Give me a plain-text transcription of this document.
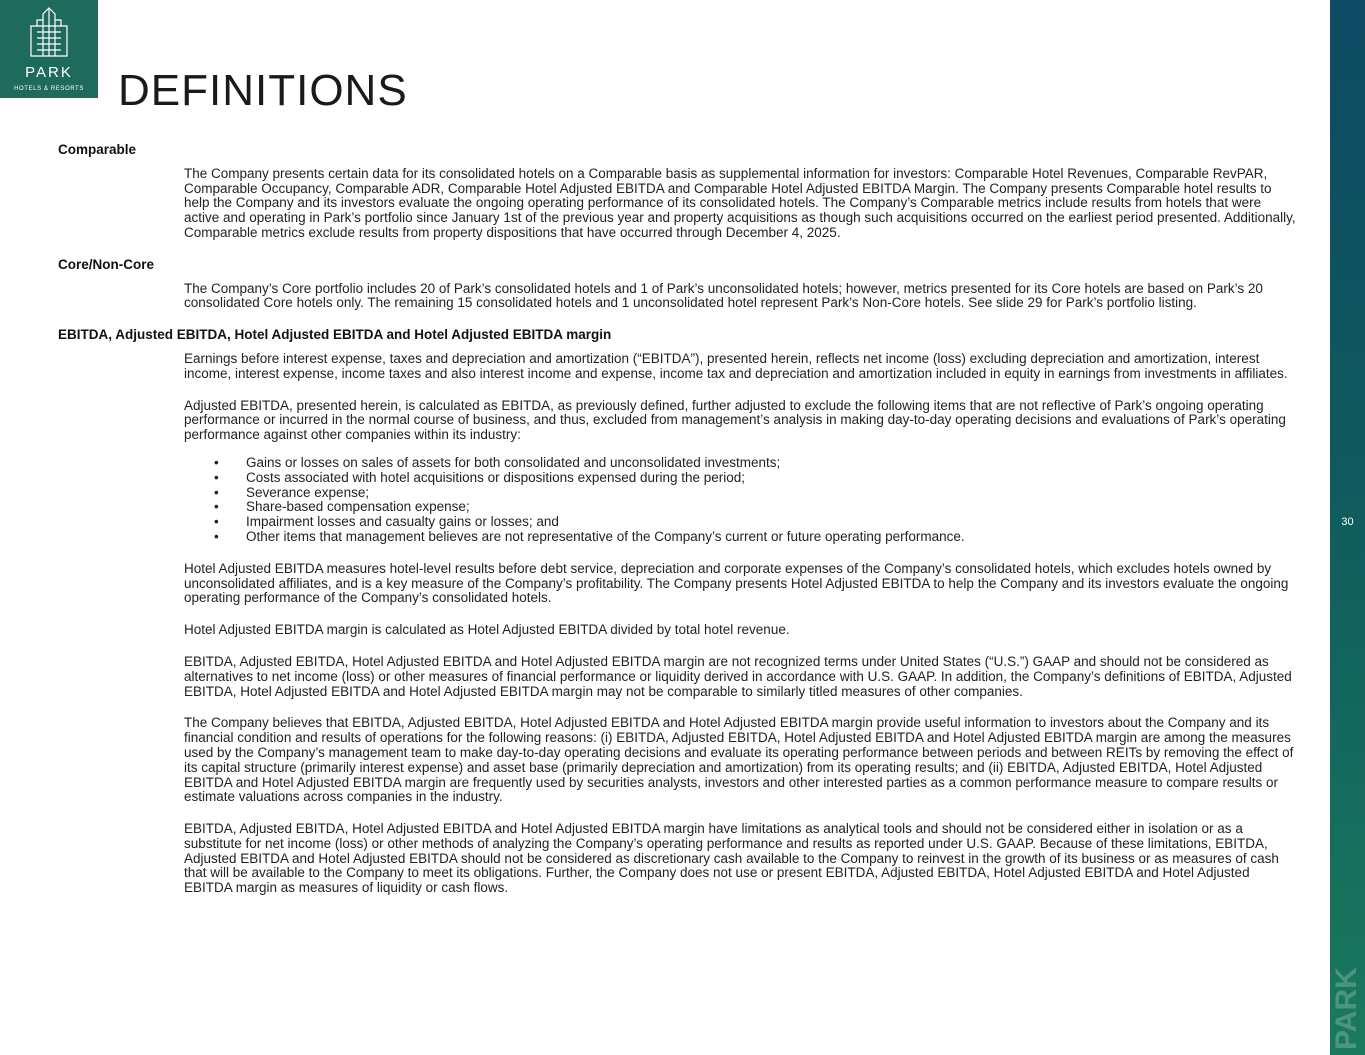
PARK
HOTELS & RESORTS DEFINITIONS
30
PARK
Comparable

The Company presents certain data for its consolidated hotels on a Comparable basis as supplemental information for investors: Comparable Hotel Revenues, Comparable RevPAR, Comparable Occupancy, Comparable ADR, Comparable Hotel Adjusted EBITDA and Comparable Hotel Adjusted EBITDA Margin. The Company presents Comparable hotel results to help the Company and its investors evaluate the ongoing operating performance of its consolidated hotels. The Company’s Comparable metrics include results from hotels that were active and operating in Park’s portfolio since January 1st of the previous year and property acquisitions as though such acquisitions occurred on the earliest period presented. Additionally, Comparable metrics exclude results from property dispositions that have occurred through December 4, 2025.

Core/Non-Core

The Company’s Core portfolio includes 20 of Park’s consolidated hotels and 1 of Park’s unconsolidated hotels; however, metrics presented for its Core hotels are based on Park’s 20 consolidated Core hotels only. The remaining 15 consolidated hotels and 1 unconsolidated hotel represent Park’s Non-Core hotels. See slide 29 for Park’s portfolio listing.

EBITDA, Adjusted EBITDA, Hotel Adjusted EBITDA and Hotel Adjusted EBITDA margin

Earnings before interest expense, taxes and depreciation and amortization (“EBITDA”), presented herein, reflects net income (loss) excluding depreciation and amortization, interest income, interest expense, income taxes and also interest income and expense, income tax and depreciation and amortization included in equity in earnings from investments in affiliates.

Adjusted EBITDA, presented herein, is calculated as EBITDA, as previously defined, further adjusted to exclude the following items that are not reflective of Park’s ongoing operating performance or incurred in the normal course of business, and thus, excluded from management’s analysis in making day-to-day operating decisions and evaluations of Park’s operating performance against other companies within its industry:

• Gains or losses on sales of assets for both consolidated and unconsolidated investments;
• Costs associated with hotel acquisitions or dispositions expensed during the period;
• Severance expense;
• Share-based compensation expense;
• Impairment losses and casualty gains or losses; and
• Other items that management believes are not representative of the Company’s current or future operating performance.

Hotel Adjusted EBITDA measures hotel-level results before debt service, depreciation and corporate expenses of the Company’s consolidated hotels, which excludes hotels owned by unconsolidated affiliates, and is a key measure of the Company’s profitability. The Company presents Hotel Adjusted EBITDA to help the Company and its investors evaluate the ongoing operating performance of the Company’s consolidated hotels.

Hotel Adjusted EBITDA margin is calculated as Hotel Adjusted EBITDA divided by total hotel revenue.

EBITDA, Adjusted EBITDA, Hotel Adjusted EBITDA and Hotel Adjusted EBITDA margin are not recognized terms under United States (“U.S.”) GAAP and should not be considered as alternatives to net income (loss) or other measures of financial performance or liquidity derived in accordance with U.S. GAAP. In addition, the Company’s definitions of EBITDA, Adjusted EBITDA, Hotel Adjusted EBITDA and Hotel Adjusted EBITDA margin may not be comparable to similarly titled measures of other companies.

The Company believes that EBITDA, Adjusted EBITDA, Hotel Adjusted EBITDA and Hotel Adjusted EBITDA margin provide useful information to investors about the Company and its financial condition and results of operations for the following reasons: (i) EBITDA, Adjusted EBITDA, Hotel Adjusted EBITDA and Hotel Adjusted EBITDA margin are among the measures used by the Company’s management team to make day-to-day operating decisions and evaluate its operating performance between periods and between REITs by removing the effect of its capital structure (primarily interest expense) and asset base (primarily depreciation and amortization) from its operating results; and (ii) EBITDA, Adjusted EBITDA, Hotel Adjusted EBITDA and Hotel Adjusted EBITDA margin are frequently used by securities analysts, investors and other interested parties as a common performance measure to compare results or estimate valuations across companies in the industry.

EBITDA, Adjusted EBITDA, Hotel Adjusted EBITDA and Hotel Adjusted EBITDA margin have limitations as analytical tools and should not be considered either in isolation or as a substitute for net income (loss) or other methods of analyzing the Company’s operating performance and results as reported under U.S. GAAP. Because of these limitations, EBITDA, Adjusted EBITDA and Hotel Adjusted EBITDA should not be considered as discretionary cash available to the Company to reinvest in the growth of its business or as measures of cash that will be available to the Company to meet its obligations. Further, the Company does not use or present EBITDA, Adjusted EBITDA, Hotel Adjusted EBITDA and Hotel Adjusted EBITDA margin as measures of liquidity or cash flows.
